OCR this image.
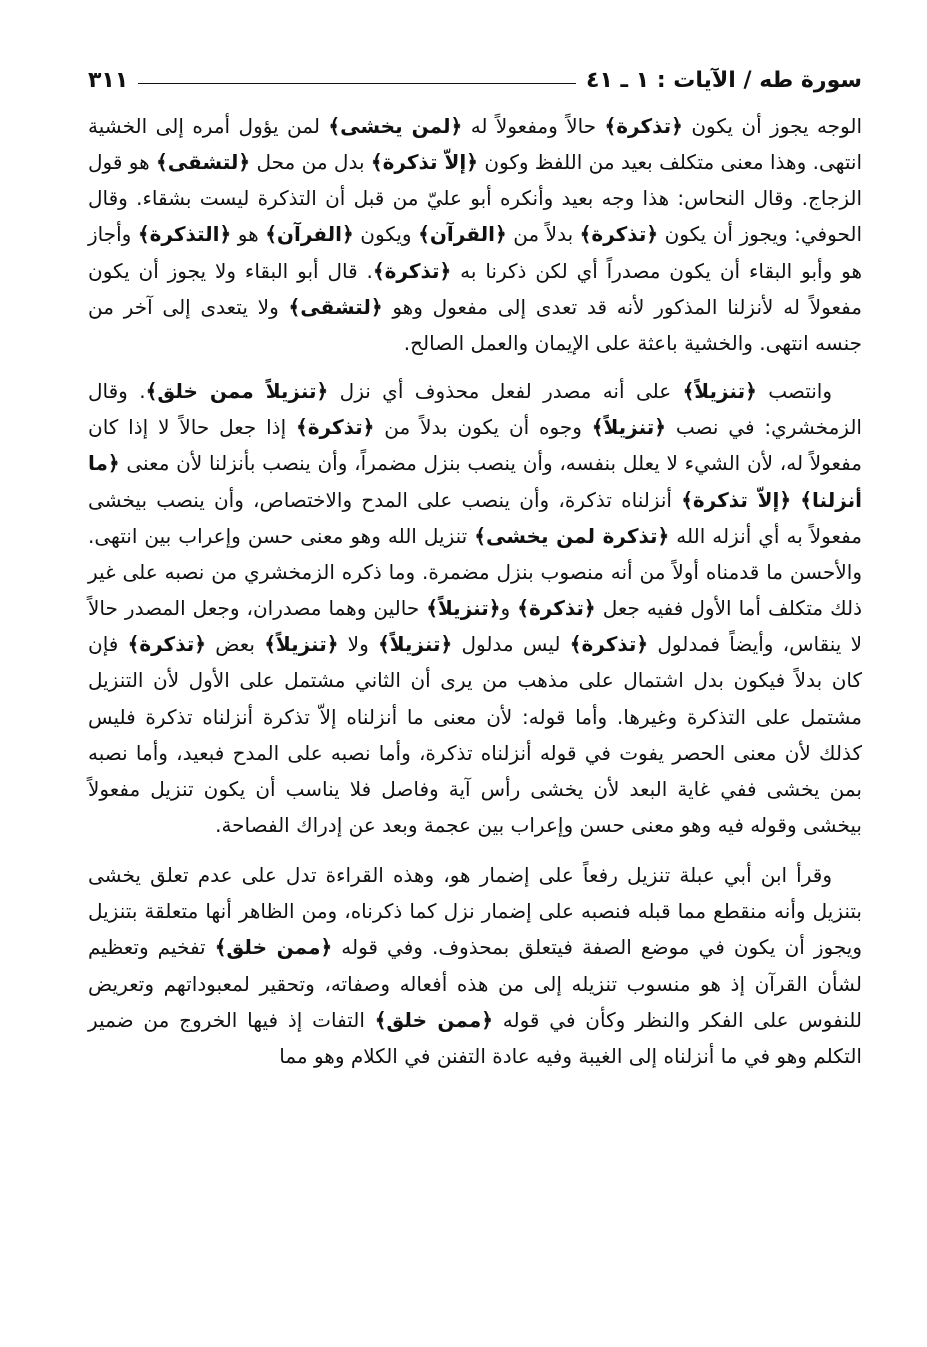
سورة طه / الآيات : ١ ـ ٤١
٣١١

الوجه يجوز أن يكون ﴿تذكرة﴾ حالاً ومفعولاً له ﴿لمن يخشى﴾ لمن يؤول أمره إلى الخشية انتهى. وهذا معنى متكلف بعيد من اللفظ وكون ﴿إلاّ تذكرة﴾ بدل من محل ﴿لتشقى﴾ هو قول الزجاج. وقال النحاس: هذا وجه بعيد وأنكره أبو عليّ من قبل أن التذكرة ليست بشقاء. وقال الحوفي: ويجوز أن يكون ﴿تذكرة﴾ بدلاً من ﴿القرآن﴾ ويكون ﴿الفرآن﴾ هو ﴿التذكرة﴾ وأجاز هو وأبو البقاء أن يكون مصدراً أي لكن ذكرنا به ﴿تذكرة﴾. قال أبو البقاء ولا يجوز أن يكون مفعولاً له لأنزلنا المذكور لأنه قد تعدى إلى مفعول وهو ﴿لتشقى﴾ ولا يتعدى إلى آخر من جنسه انتهى. والخشية باعثة على الإيمان والعمل الصالح.

وانتصب ﴿تنزيلاً﴾ على أنه مصدر لفعل محذوف أي نزل ﴿تنزيلاً ممن خلق﴾. وقال الزمخشري: في نصب ﴿تنزيلاً﴾ وجوه أن يكون بدلاً من ﴿تذكرة﴾ إذا جعل حالاً لا إذا كان مفعولاً له، لأن الشيء لا يعلل بنفسه، وأن ينصب بنزل مضمراً، وأن ينصب بأنزلنا لأن معنى ﴿ما أنزلنا﴾ ﴿إلاّ تذكرة﴾ أنزلناه تذكرة، وأن ينصب على المدح والاختصاص، وأن ينصب بيخشى مفعولاً به أي أنزله الله ﴿تذكرة لمن يخشى﴾ تنزيل الله وهو معنى حسن وإعراب بين انتهى. والأحسن ما قدمناه أولاً من أنه منصوب بنزل مضمرة. وما ذكره الزمخشري من نصبه على غير ذلك متكلف أما الأول ففيه جعل ﴿تذكرة﴾ و﴿تنزيلاً﴾ حالين وهما مصدران، وجعل المصدر حالاً لا ينقاس، وأيضاً فمدلول ﴿تذكرة﴾ ليس مدلول ﴿تنزيلاً﴾ ولا ﴿تنزيلاً﴾ بعض ﴿تذكرة﴾ فإن كان بدلاً فيكون بدل اشتمال على مذهب من يرى أن الثاني مشتمل على الأول لأن التنزيل مشتمل على التذكرة وغيرها. وأما قوله: لأن معنى ما أنزلناه إلاّ تذكرة أنزلناه تذكرة فليس كذلك لأن معنى الحصر يفوت في قوله أنزلناه تذكرة، وأما نصبه على المدح فبعيد، وأما نصبه بمن يخشى ففي غاية البعد لأن يخشى رأس آية وفاصل فلا يناسب أن يكون تنزيل مفعولاً بيخشى وقوله فيه وهو معنى حسن وإعراب بين عجمة وبعد عن إدراك الفصاحة.

وقرأ ابن أبي عبلة تنزيل رفعاً على إضمار هو، وهذه القراءة تدل على عدم تعلق يخشى بتنزيل وأنه منقطع مما قبله فنصبه على إضمار نزل كما ذكرناه، ومن الظاهر أنها متعلقة بتنزيل ويجوز أن يكون في موضع الصفة فيتعلق بمحذوف. وفي قوله ﴿ممن خلق﴾ تفخيم وتعظيم لشأن القرآن إذ هو منسوب تنزيله إلى من هذه أفعاله وصفاته، وتحقير لمعبوداتهم وتعريض للنفوس على الفكر والنظر وكأن في قوله ﴿ممن خلق﴾ التفات إذ فيها الخروج من ضمير التكلم وهو في ما أنزلناه إلى الغيبة وفيه عادة التفنن في الكلام وهو مما
